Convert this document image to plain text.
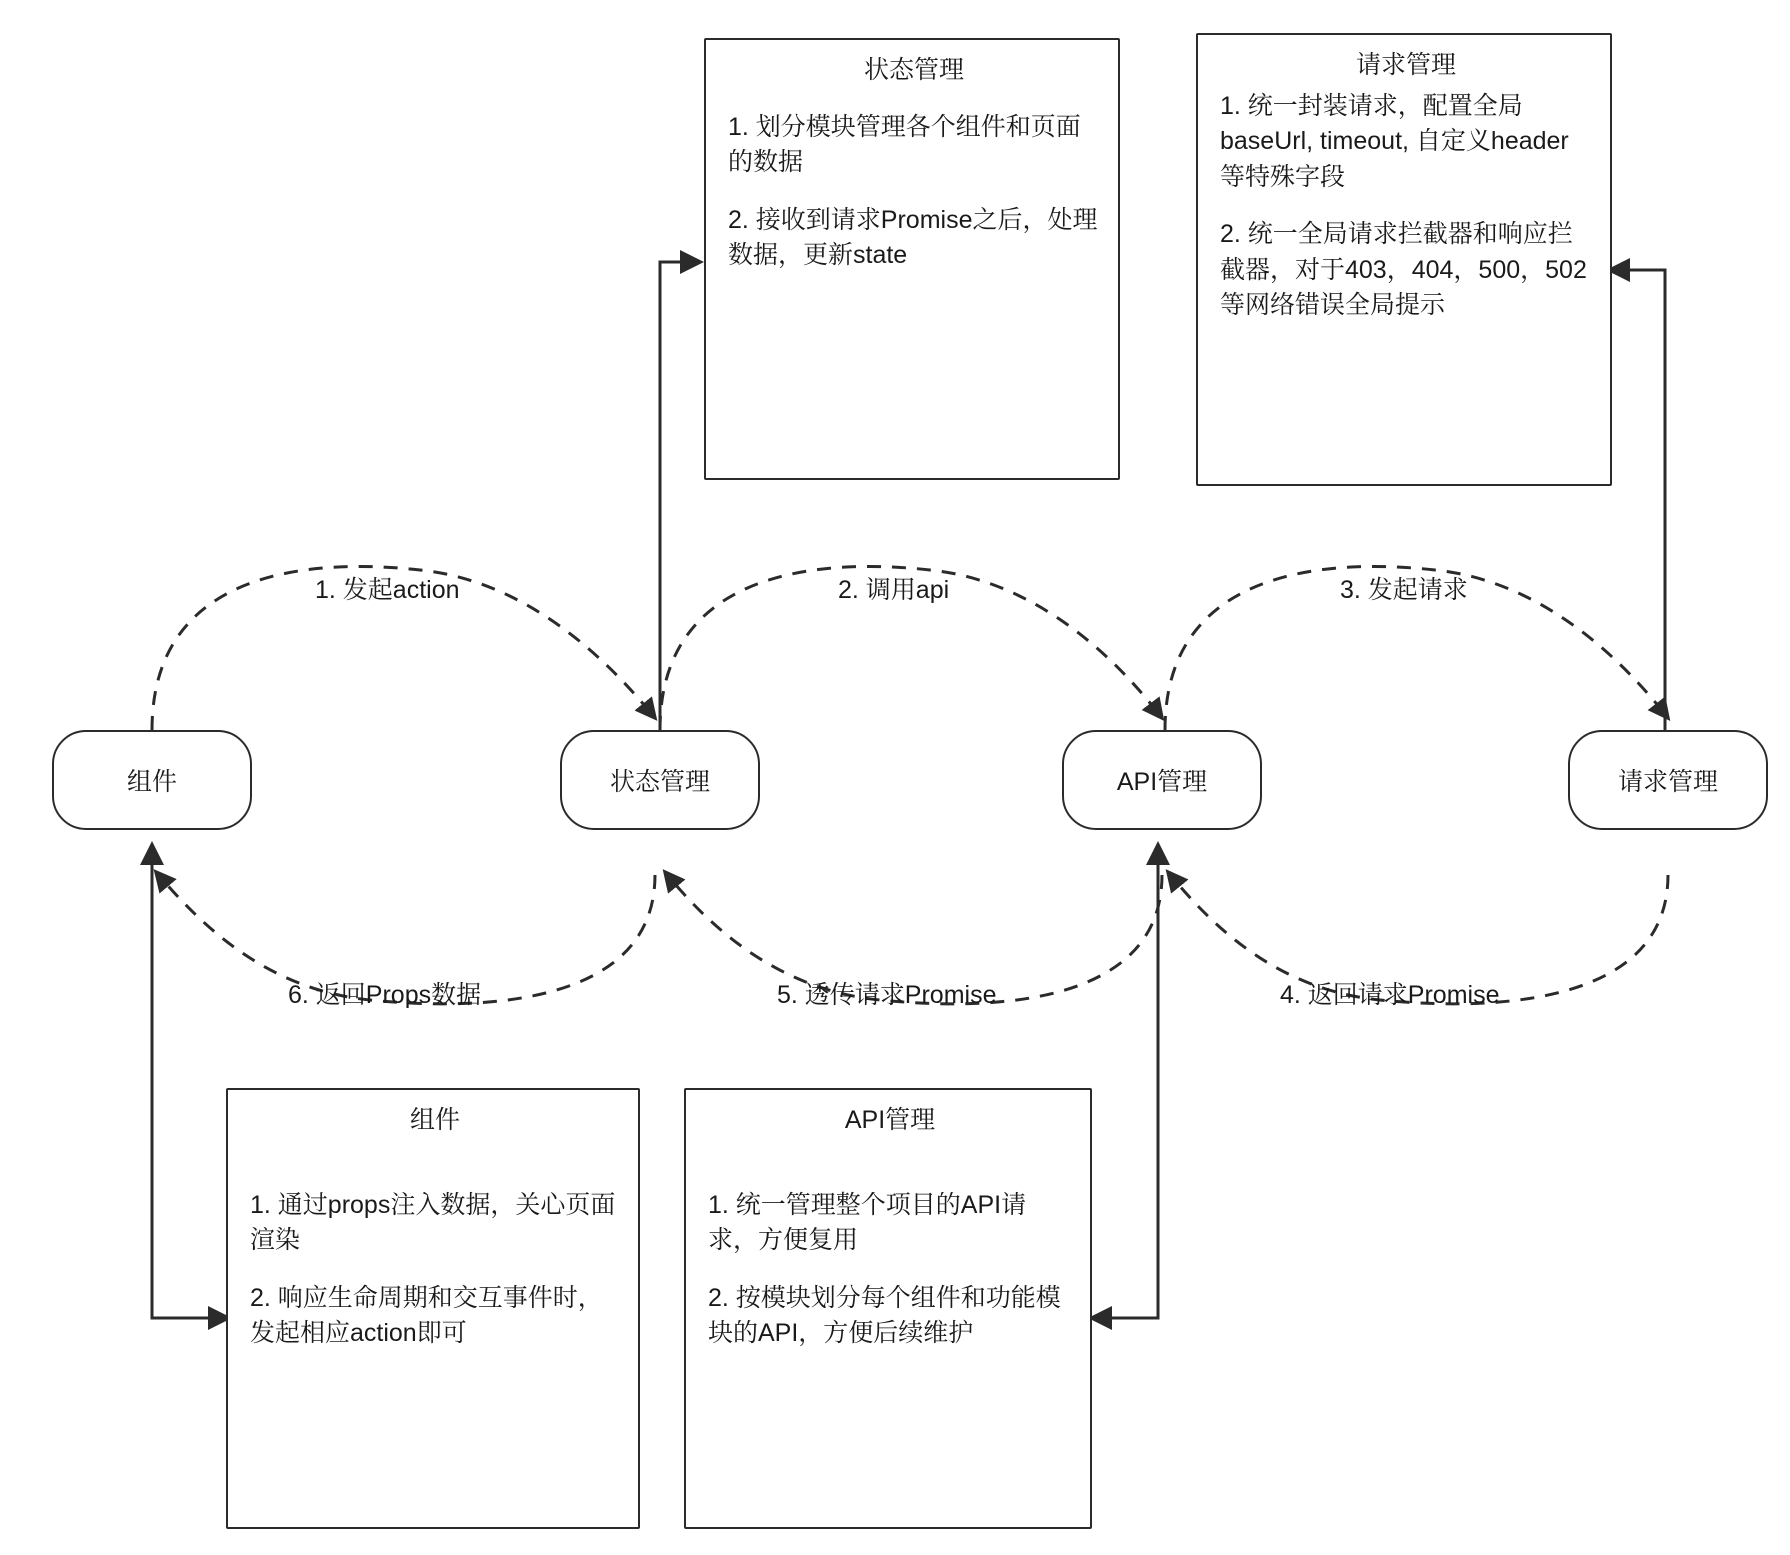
状态管理

1. 划分模块管理各个组件和页面的数据

2. 接收到请求Promise之后，处理数据，更新state

请求管理

1. 统一封装请求，配置全局baseUrl, timeout, 自定义header等特殊字段

2. 统一全局请求拦截器和响应拦截器，对于403，404，500，502等网络错误全局提示

组件

1. 通过props注入数据，关心页面渲染

2. 响应生命周期和交互事件时，发起相应action即可

API管理

1. 统一管理整个项目的API请求，方便复用

2. 按模块划分每个组件和功能模块的API，方便后续维护

组件	状态管理	API管理	请求管理
1. 发起action	2. 调用api	3. 发起请求
4. 返回请求Promise
5. 透传请求Promise
6. 返回Props数据
